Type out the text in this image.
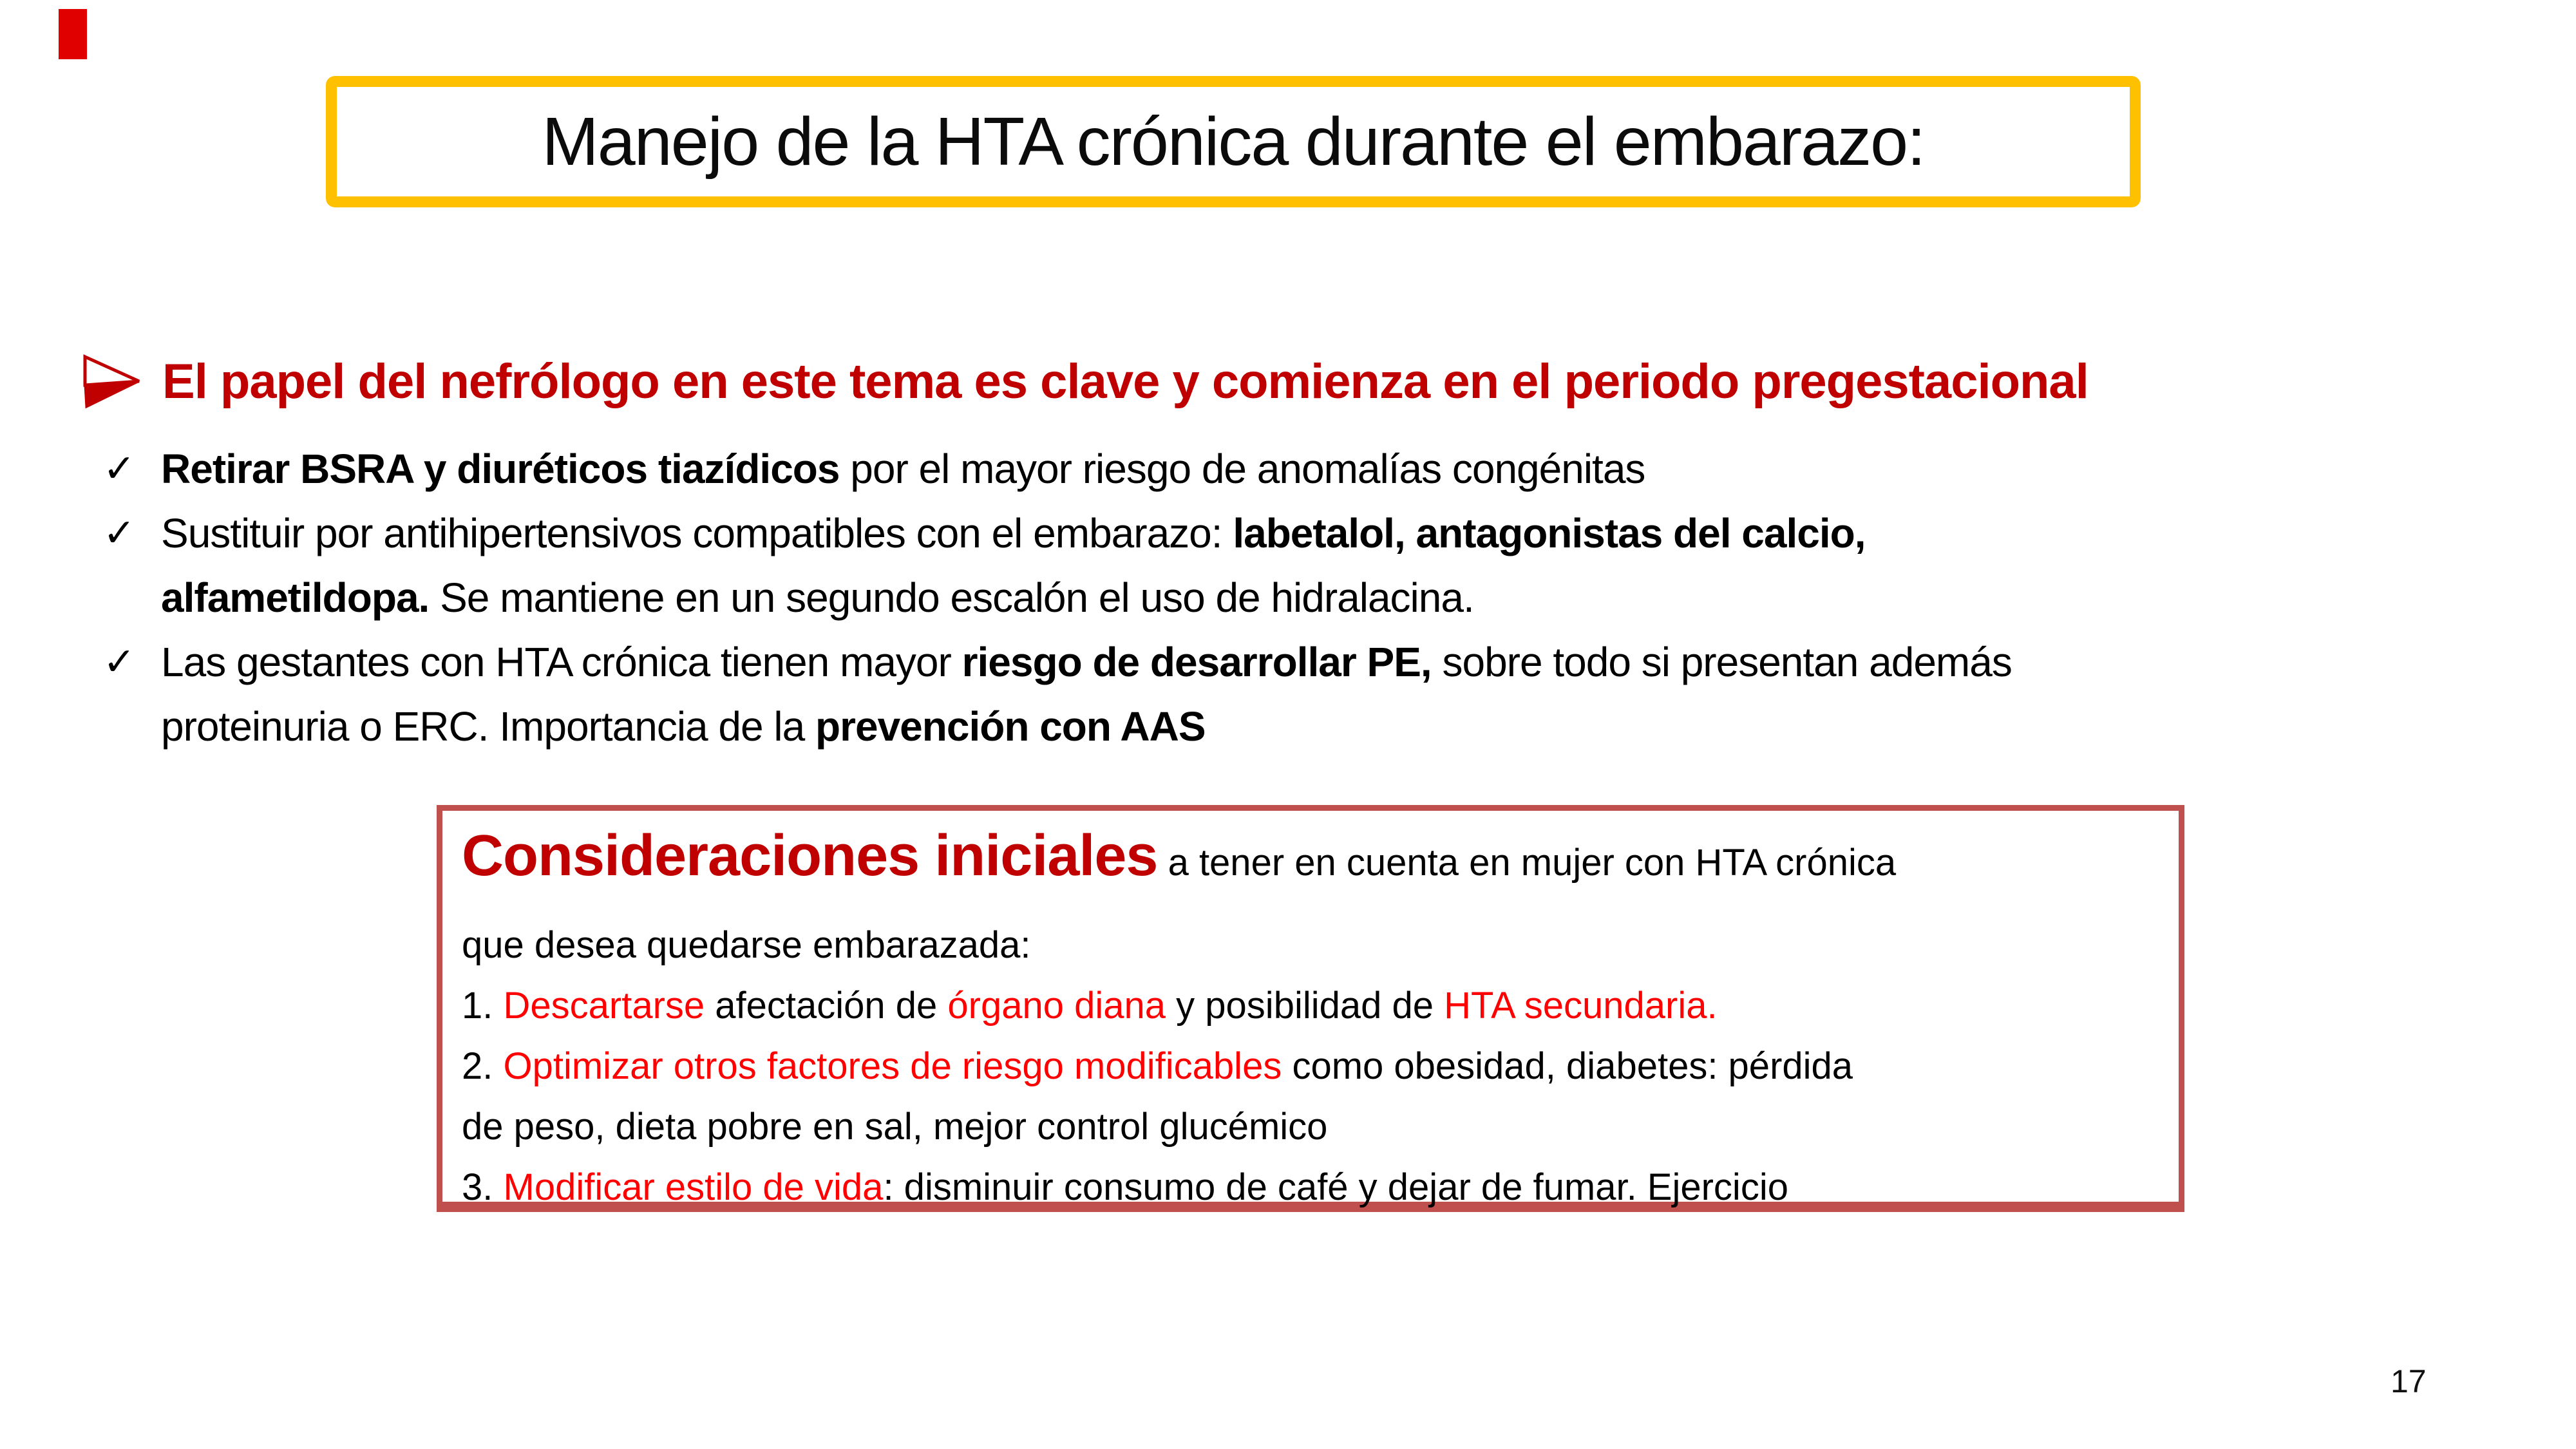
Manejo de la HTA crónica durante el embarazo:
El papel del nefrólogo en este tema es clave y comienza en el periodo pregestacional
✓ Retirar BSRA y diuréticos tiazídicos por el mayor riesgo de anomalías congénitas
✓ Sustituir por antihipertensivos compatibles con el embarazo: labetalol, antagonistas del calcio,
alfametildopa. Se mantiene en un segundo escalón el uso de hidralacina.
✓ Las gestantes con HTA crónica tienen mayor riesgo de desarrollar PE, sobre todo si presentan además
proteinuria o ERC. Importancia de la prevención con AAS
Consideraciones iniciales a tener en cuenta en mujer con HTA crónica
que desea quedarse embarazada:
1. Descartarse afectación de órgano diana y posibilidad de HTA secundaria.
2. Optimizar otros factores de riesgo modificables como obesidad, diabetes: pérdida
de peso, dieta pobre en sal, mejor control glucémico
3. Modificar estilo de vida: disminuir consumo de café y dejar de fumar. Ejercicio
17
